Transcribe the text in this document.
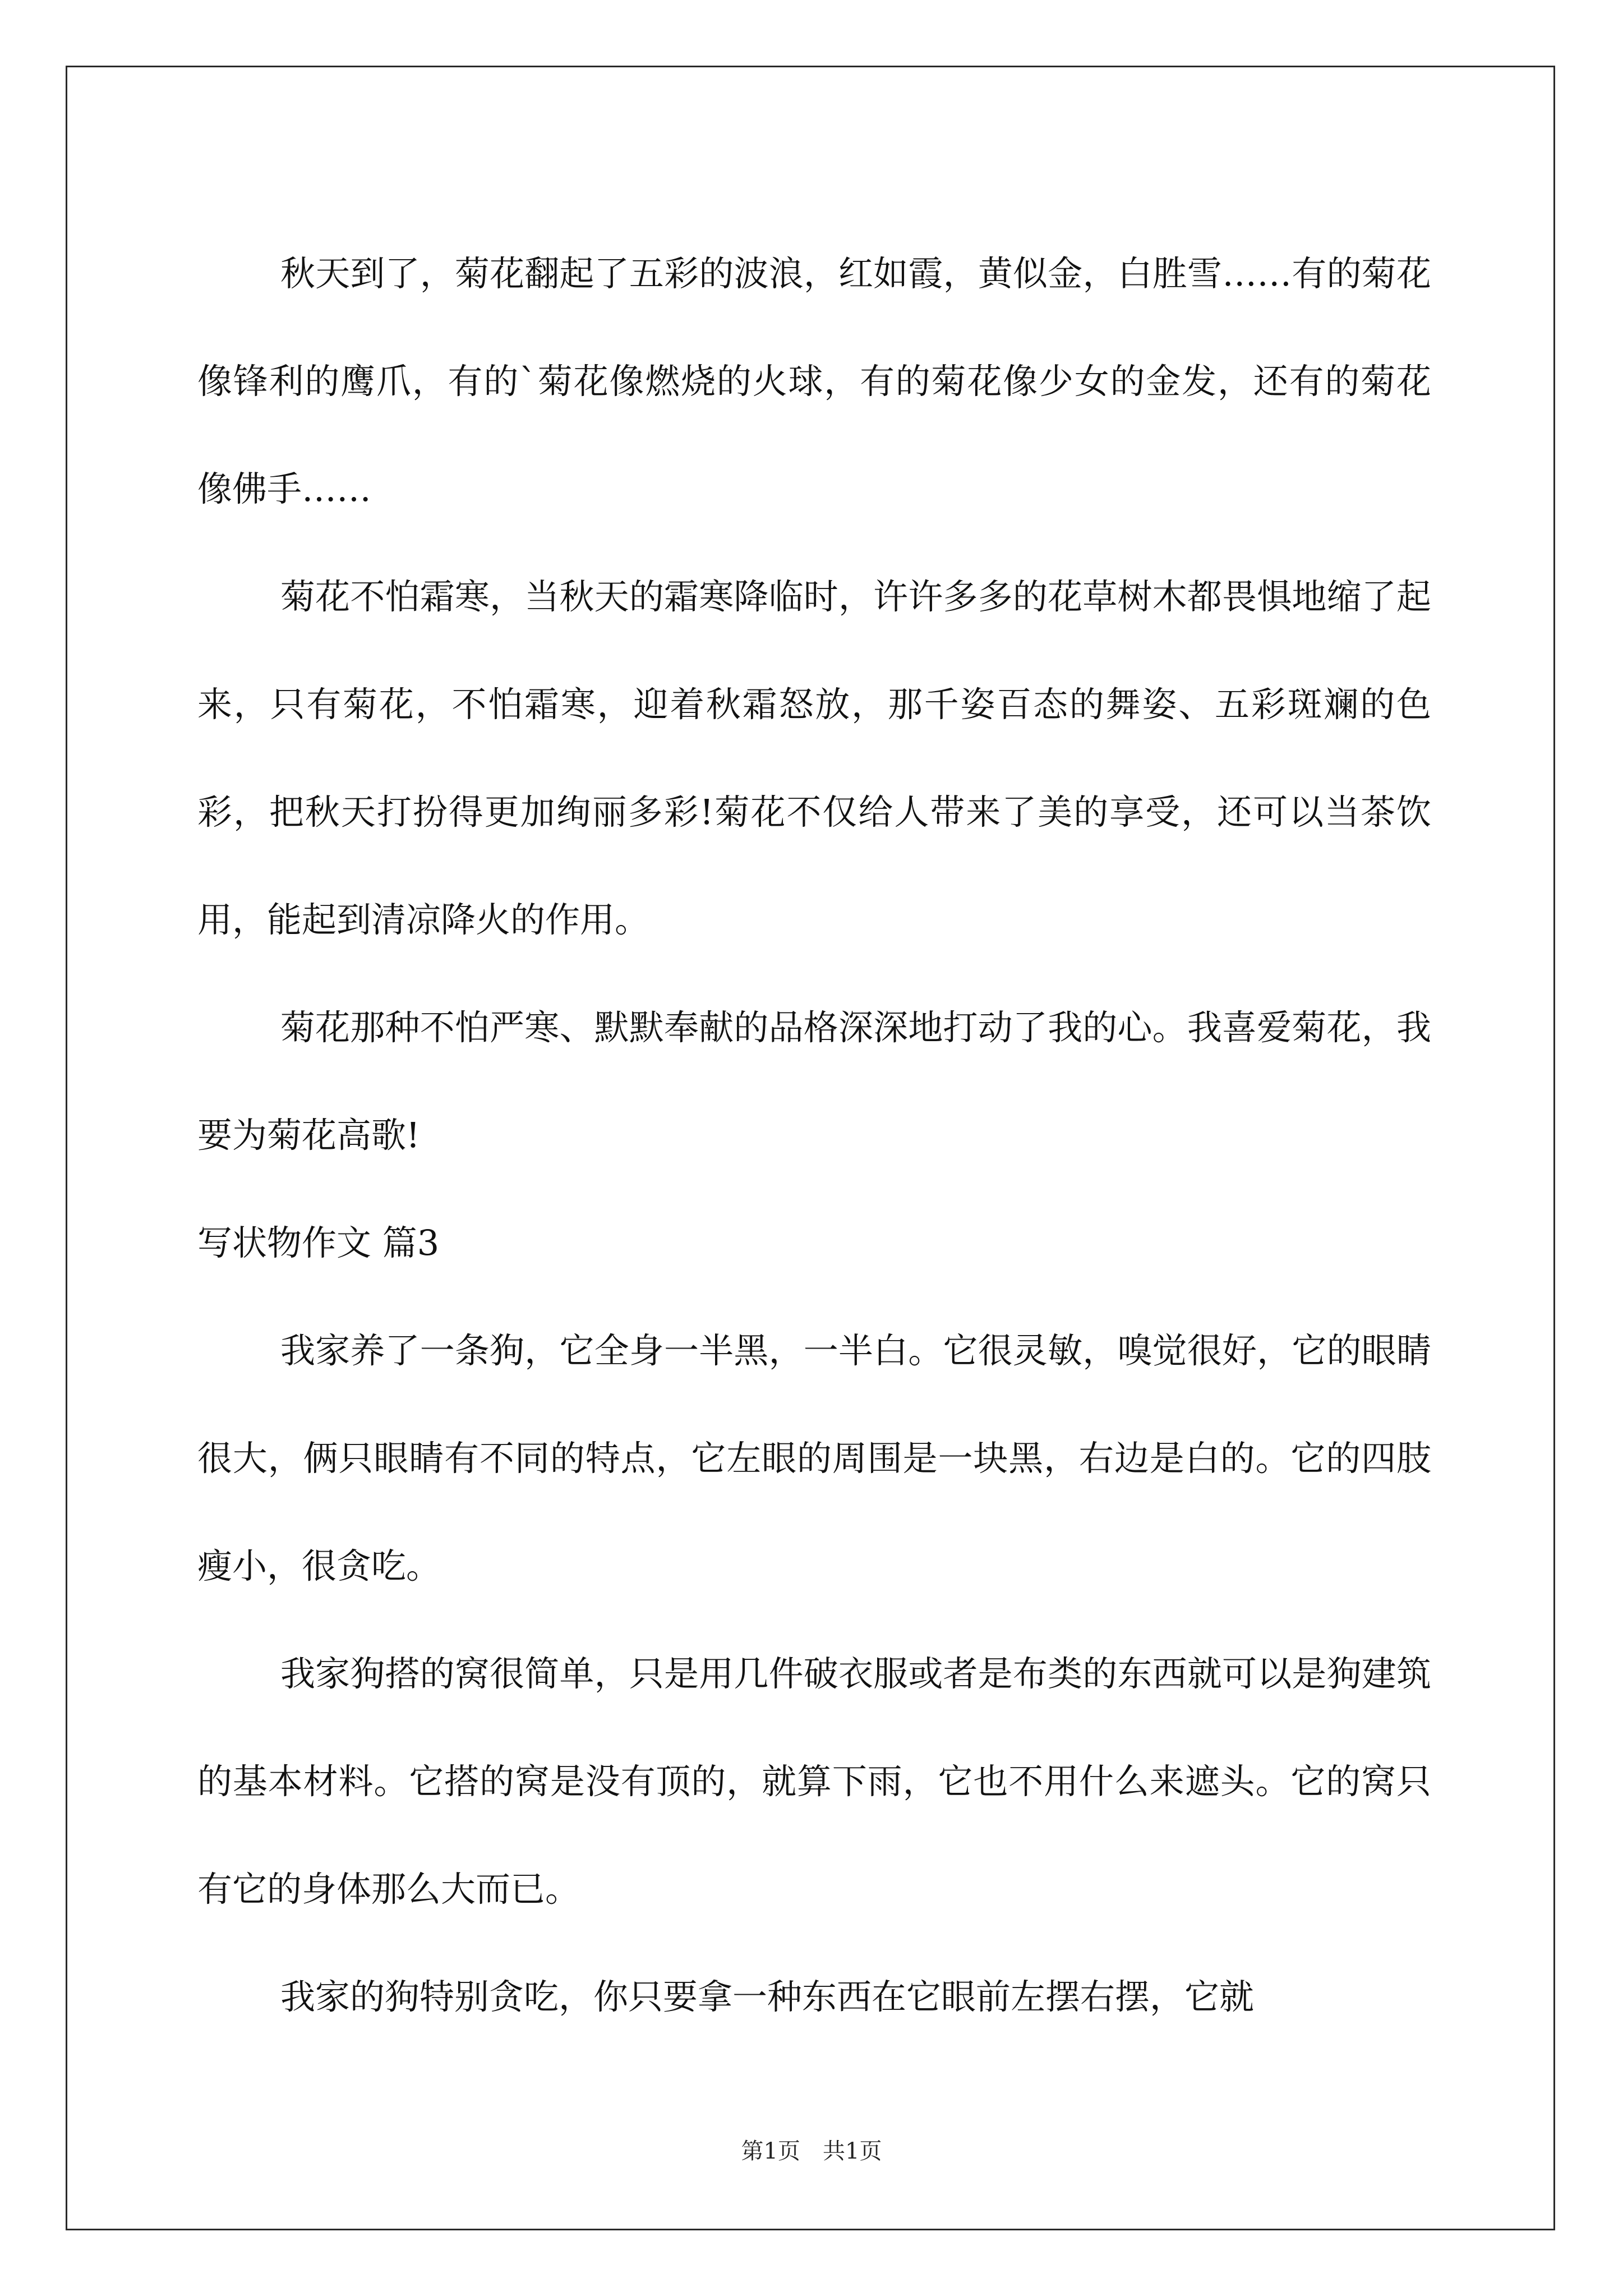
秋天到了，菊花翻起了五彩的波浪，红如霞，黄似金，白胜雪……有的菊花像锋利的鹰爪，有的`菊花像燃烧的火球，有的菊花像少女的金发，还有的菊花像佛手……

菊花不怕霜寒，当秋天的霜寒降临时，许许多多的花草树木都畏惧地缩了起来，只有菊花，不怕霜寒，迎着秋霜怒放，那千姿百态的舞姿、五彩斑斓的色彩，把秋天打扮得更加绚丽多彩!菊花不仅给人带来了美的享受，还可以当茶饮用，能起到清凉降火的作用。

菊花那种不怕严寒、默默奉献的品格深深地打动了我的心。我喜爱菊花，我要为菊花高歌!

写状物作文 篇3

我家养了一条狗，它全身一半黑，一半白。它很灵敏，嗅觉很好，它的眼睛很大，俩只眼睛有不同的特点，它左眼的周围是一块黑，右边是白的。它的四肢瘦小，很贪吃。

我家狗搭的窝很简单，只是用几件破衣服或者是布类的东西就可以是狗建筑的基本材料。它搭的窝是没有顶的，就算下雨，它也不用什么来遮头。它的窝只有它的身体那么大而已。

我家的狗特别贪吃，你只要拿一种东西在它眼前左摆右摆，它就

第1页 共1页
